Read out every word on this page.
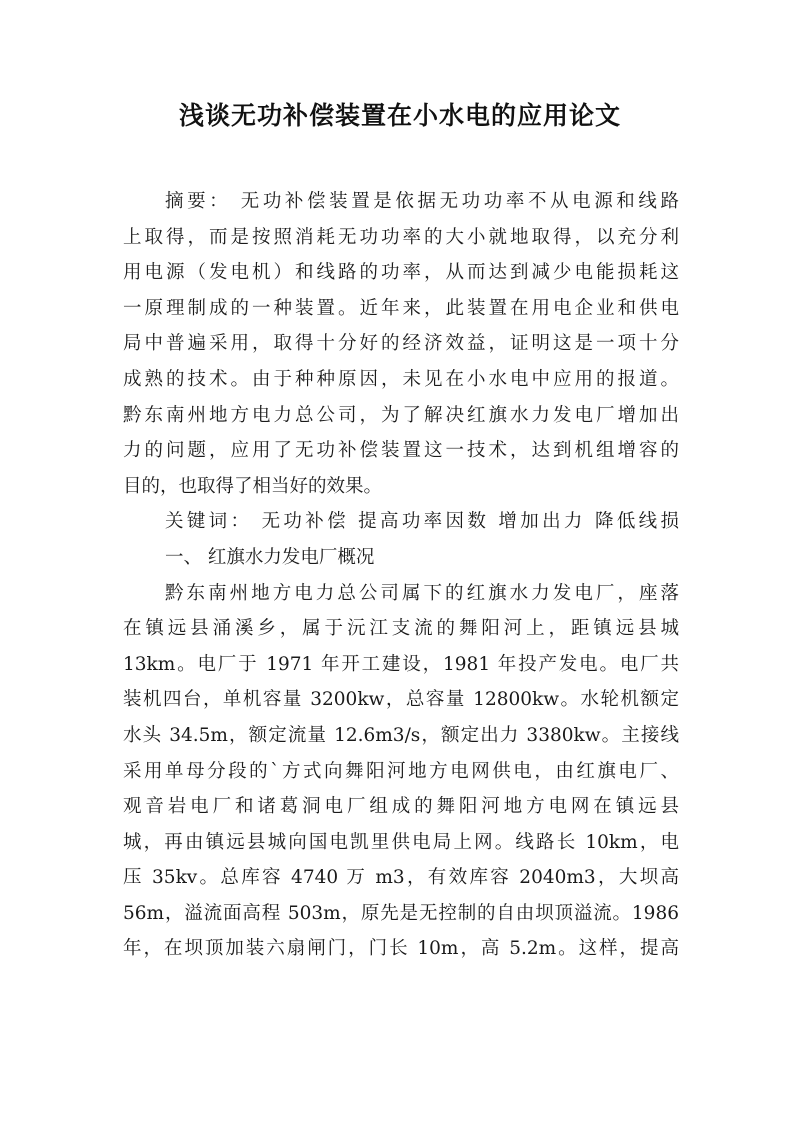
浅谈无功补偿装置在小水电的应用论文
摘要： 无功补偿装置是依据无功功率不从电源和线路
上取得，而是按照消耗无功功率的大小就地取得，以充分利
用电源（发电机）和线路的功率，从而达到减少电能损耗这
一原理制成的一种装置。近年来，此装置在用电企业和供电
局中普遍采用，取得十分好的经济效益，证明这是一项十分
成熟的技术。由于种种原因，未见在小水电中应用的报道。
黔东南州地方电力总公司，为了解决红旗水力发电厂增加出
力的问题，应用了无功补偿装置这一技术，达到机组增容的
目的，也取得了相当好的效果。
关键词： 无功补偿 提高功率因数 增加出力 降低线损
一、 红旗水力发电厂概况
黔东南州地方电力总公司属下的红旗水力发电厂，座落
在镇远县涌溪乡，属于沅江支流的舞阳河上，距镇远县城
13km。电厂于 1971 年开工建设，1981 年投产发电。电厂共
装机四台，单机容量 3200kw，总容量 12800kw。水轮机额定
水头 34.5m，额定流量 12.6m3/s，额定出力 3380kw。主接线
采用单母分段的`方式向舞阳河地方电网供电，由红旗电厂、
观音岩电厂和诸葛洞电厂组成的舞阳河地方电网在镇远县
城，再由镇远县城向国电凯里供电局上网。线路长 10km，电
压 35kv。总库容 4740 万 m3，有效库容 2040m3，大坝高
56m，溢流面高程 503m，原先是无控制的自由坝顶溢流。1986
年，在坝顶加装六扇闸门，门长 10m，高 5.2m。这样，提高
